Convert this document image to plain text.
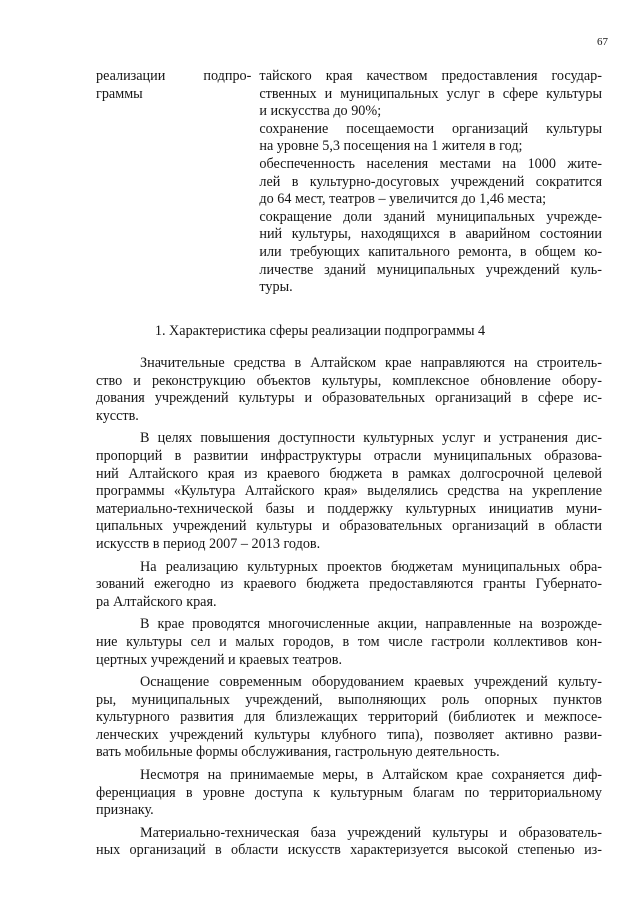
67
реализации	подпро-
граммы
тайского края качеством предоставления государ-
ственных и муниципальных услуг в сфере культуры
и искусства до 90%;
сохранение посещаемости организаций культуры
на уровне 5,3 посещения на 1 жителя в год;
обеспеченность населения местами на 1000 жите-
лей в культурно-досуговых учреждений сократится
до 64 мест, театров – увеличится до 1,46 места;
сокращение доли зданий муниципальных учрежде-
ний культуры, находящихся в аварийном состоянии
или требующих капитального ремонта, в общем ко-
личестве зданий муниципальных учреждений куль-
туры.
1. Характеристика сферы реализации подпрограммы 4
Значительные средства в Алтайском крае направляются на строитель-
ство и реконструкцию объектов культуры, комплексное обновление обору-
дования учреждений культуры и образовательных организаций в сфере ис-
кусств.
В целях повышения доступности культурных услуг и устранения дис-
пропорций в развитии инфраструктуры отрасли муниципальных образова-
ний Алтайского края из краевого бюджета в рамках долгосрочной целевой
программы «Культура Алтайского края» выделялись средства на укрепление
материально-технической базы и поддержку культурных инициатив муни-
ципальных учреждений культуры и образовательных организаций в области
искусств в период 2007 – 2013 годов.
На реализацию культурных проектов бюджетам муниципальных обра-
зований ежегодно из краевого бюджета предоставляются гранты Губернато-
ра Алтайского края.
В крае проводятся многочисленные акции, направленные на возрожде-
ние культуры сел и малых городов, в том числе гастроли коллективов кон-
цертных учреждений и краевых театров.
Оснащение современным оборудованием краевых учреждений культу-
ры, муниципальных учреждений, выполняющих роль опорных пунктов
культурного развития для близлежащих территорий (библиотек и межпосе-
ленческих учреждений культуры клубного типа), позволяет активно разви-
вать мобильные формы обслуживания, гастрольную деятельность.
Несмотря на принимаемые меры, в Алтайском крае сохраняется диф-
ференциация в уровне доступа к культурным благам по территориальному
признаку.
Материально-техническая база учреждений культуры и образователь-
ных организаций в области искусств характеризуется высокой степенью из-
